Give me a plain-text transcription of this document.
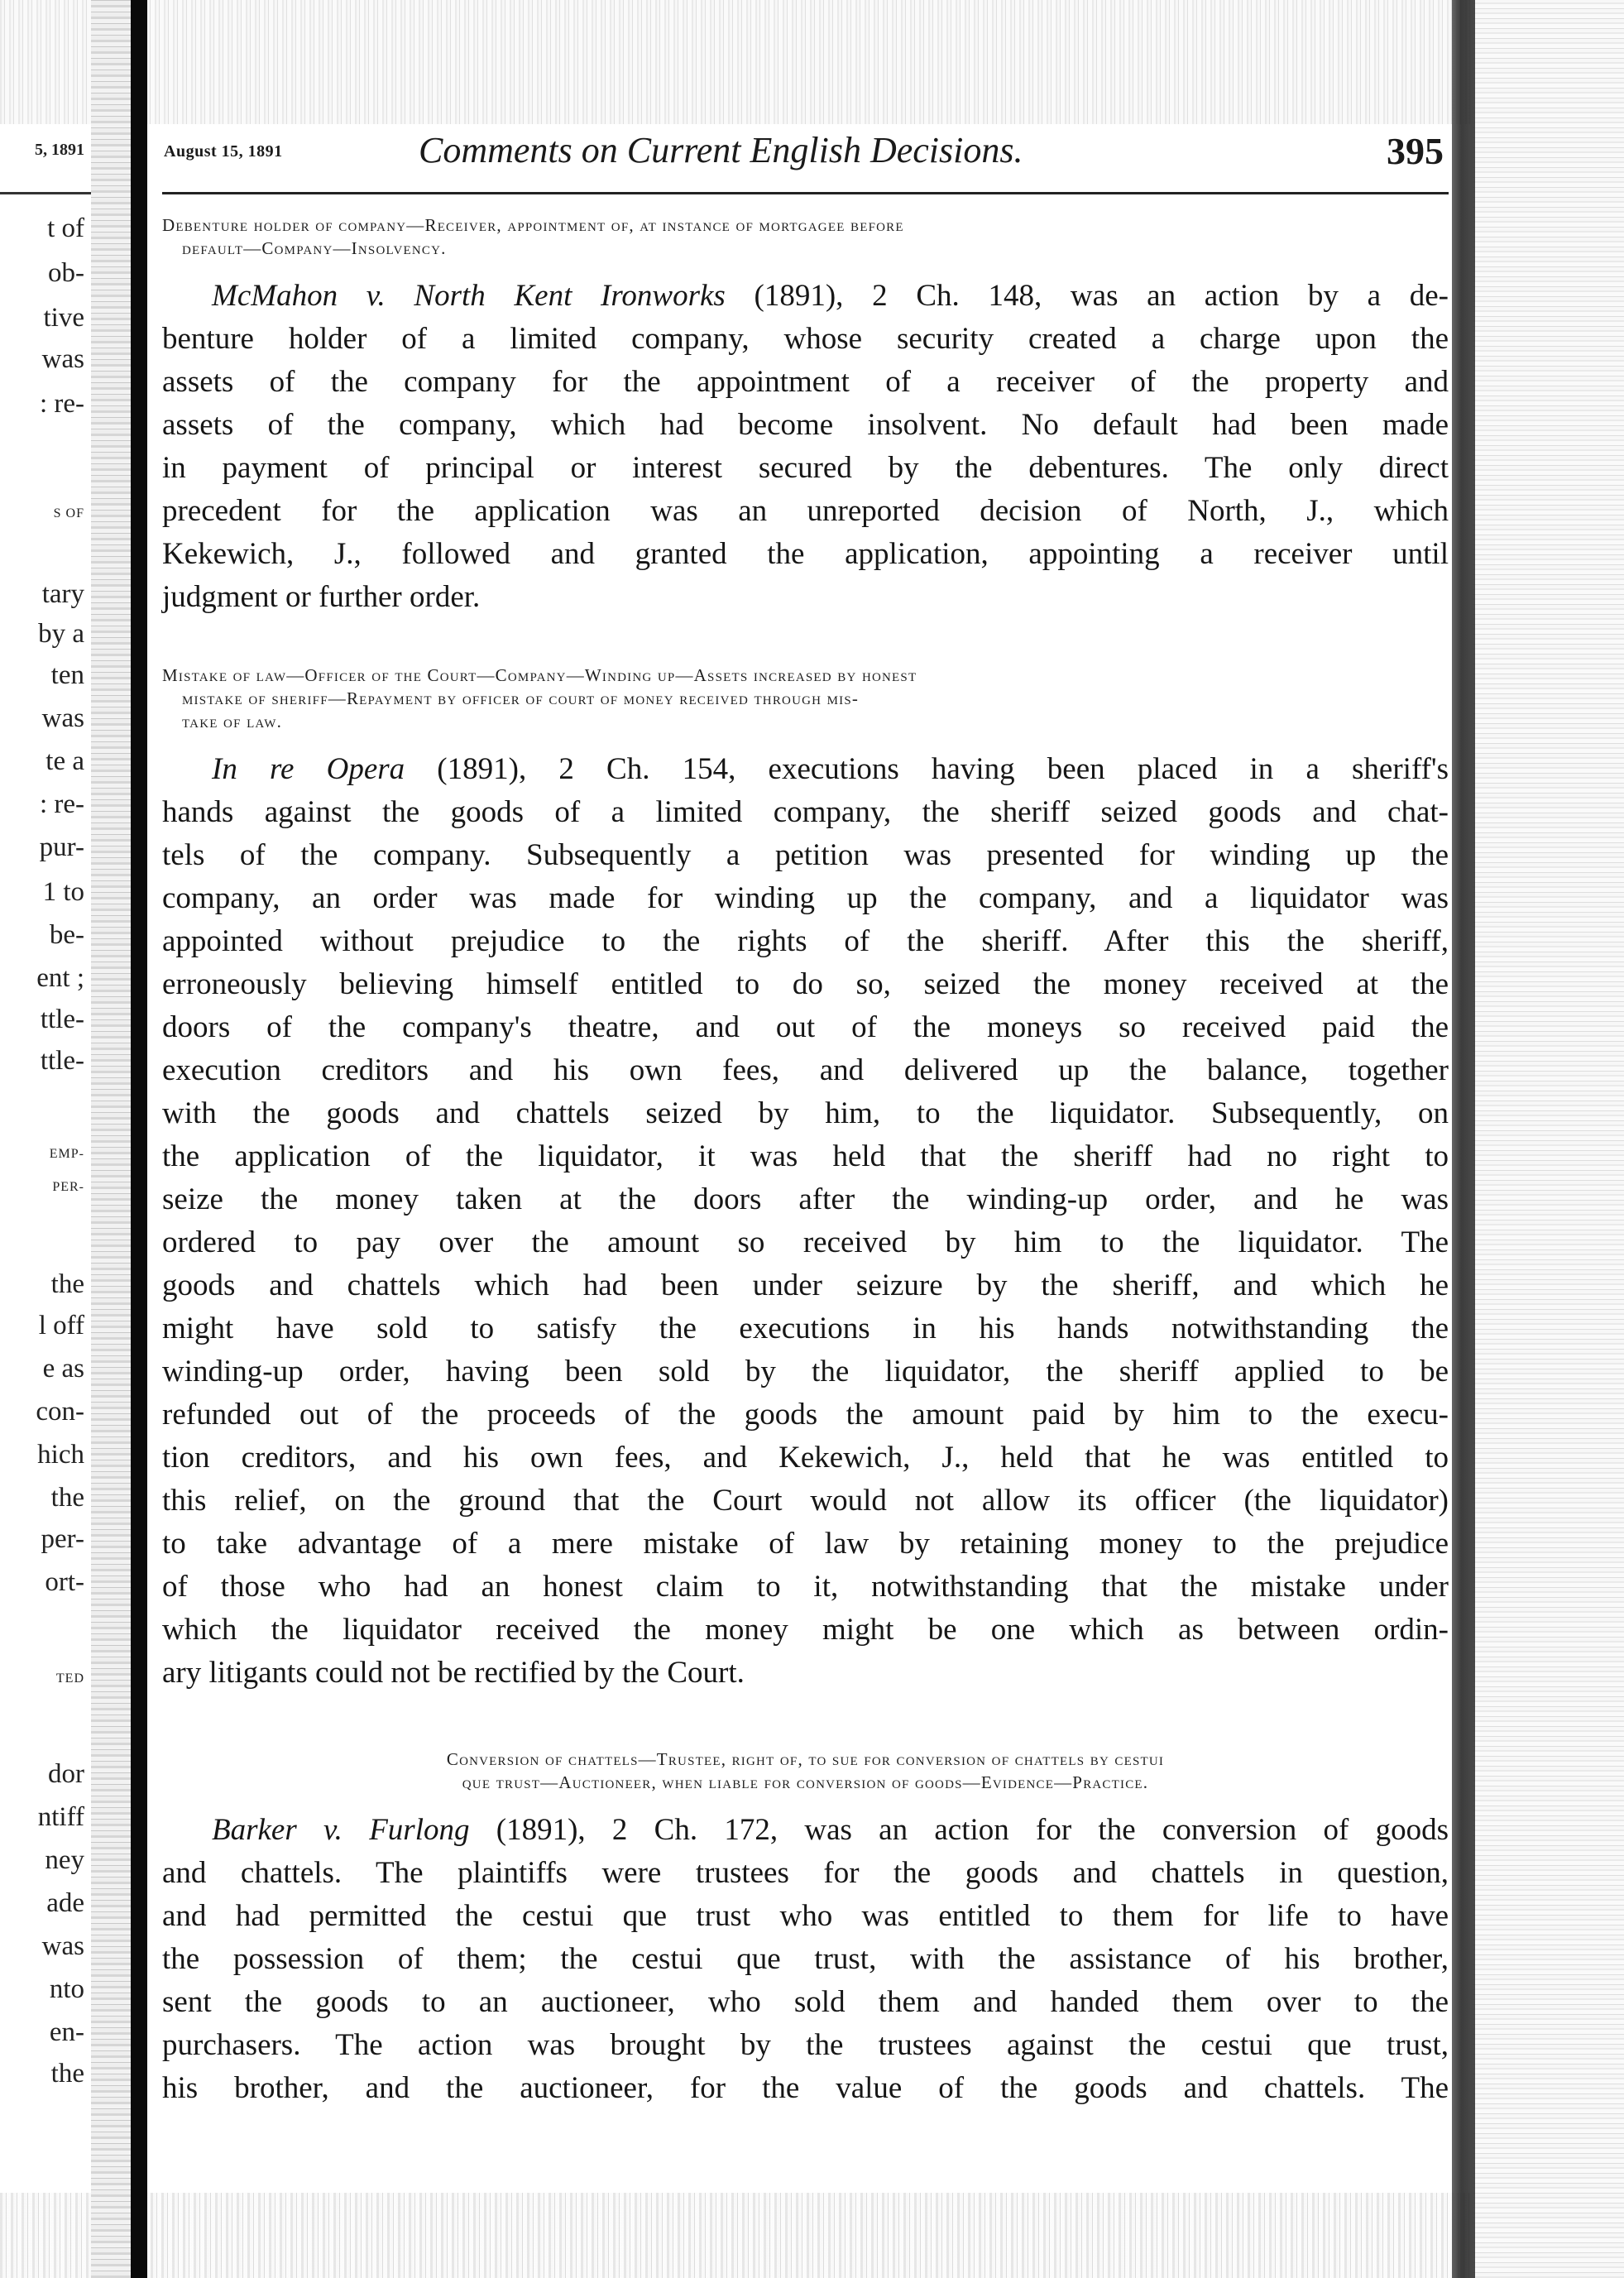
5, 1891
t of
ob-
tive
was
: re-
S OF
tary
by a
ten
was
te a
: re-
pur-
1 to
be-
ent ;
ttle-
ttle-
EMP-
PER-
the
l off
e as
con-
hich
the
per-
ort-
TED
dor
ntiff
ney
ade
was
nto
en-
the
August 15, 1891	Comments on Current English Decisions.	395
Debenture holder of company—Receiver, appointment of, at instance of mortgagee before
default—Company—Insolvency.
McMahon v. North Kent Ironworks (1891), 2 Ch. 148, was an action by a de-
benture holder of a limited company, whose security created a charge upon the
assets of the company for the appointment of a receiver of the property and
assets of the company, which had become insolvent. No default had been made
in payment of principal or interest secured by the debentures. The only direct
precedent for the application was an unreported decision of North, J., which
Kekewich, J., followed and granted the application, appointing a receiver until
judgment or further order.
Mistake of law—Officer of the Court—Company—Winding up—Assets increased by honest
mistake of sheriff—Repayment by officer of court of money received through mis-
take of law.
In re Opera (1891), 2 Ch. 154, executions having been placed in a sheriff's
hands against the goods of a limited company, the sheriff seized goods and chat-
tels of the company. Subsequently a petition was presented for winding up the
company, an order was made for winding up the company, and a liquidator was
appointed without prejudice to the rights of the sheriff. After this the sheriff,
erroneously believing himself entitled to do so, seized the money received at the
doors of the company's theatre, and out of the moneys so received paid the
execution creditors and his own fees, and delivered up the balance, together
with the goods and chattels seized by him, to the liquidator. Subsequently, on
the application of the liquidator, it was held that the sheriff had no right to
seize the money taken at the doors after the winding-up order, and he was
ordered to pay over the amount so received by him to the liquidator. The
goods and chattels which had been under seizure by the sheriff, and which he
might have sold to satisfy the executions in his hands notwithstanding the
winding-up order, having been sold by the liquidator, the sheriff applied to be
refunded out of the proceeds of the goods the amount paid by him to the execu-
tion creditors, and his own fees, and Kekewich, J., held that he was entitled to
this relief, on the ground that the Court would not allow its officer (the liquidator)
to take advantage of a mere mistake of law by retaining money to the prejudice
of those who had an honest claim to it, notwithstanding that the mistake under
which the liquidator received the money might be one which as between ordin-
ary litigants could not be rectified by the Court.
Conversion of chattels—Trustee, right of, to sue for conversion of chattels by cestui
que trust—Auctioneer, when liable for conversion of goods—Evidence—Practice.
Barker v. Furlong (1891), 2 Ch. 172, was an action for the conversion of goods
and chattels. The plaintiffs were trustees for the goods and chattels in question,
and had permitted the cestui que trust who was entitled to them for life to have
the possession of them; the cestui que trust, with the assistance of his brother,
sent the goods to an auctioneer, who sold them and handed them over to the
purchasers. The action was brought by the trustees against the cestui que trust,
his brother, and the auctioneer, for the value of the goods and chattels. The
